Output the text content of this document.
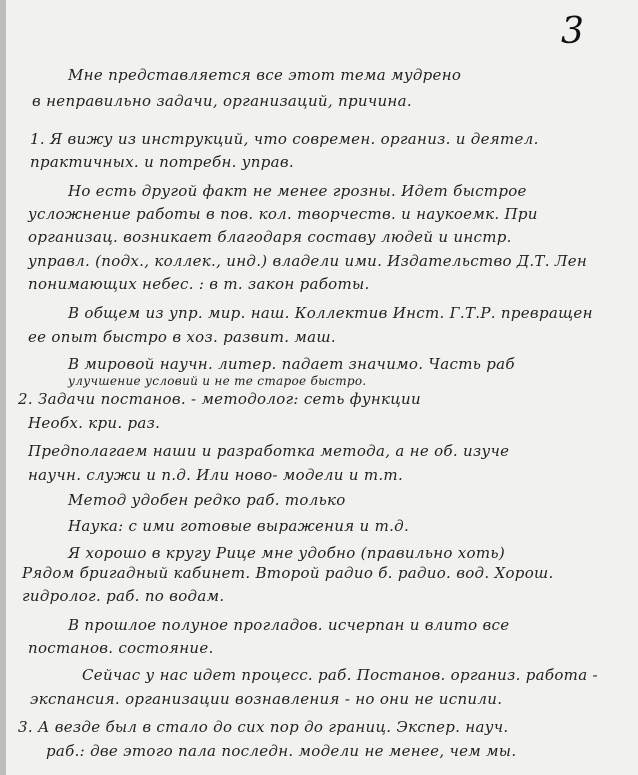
3
Мне представляется все этот тема мудрено
в неправильно задачи, организаций, причина.
1. Я вижу из инструкций, что современ. организ. и деятел.
практичных. и потребн. управ.
Но есть другой факт не менее грозны. Идет быстрое
усложнение работы в пов. кол. творчеств. и наукоемк. При
организац. возникает благодаря составу людей и инстр.
управл. (подх., коллек., инд.) владели ими. Издательство Д.Т. Лен
понимающих небес. : в т. закон работы.
В общем из упр. мир. наш. Коллектив Инст. Г.Т.Р. превращен
ее опыт быстро в хоз. развит. маш.
В мировой научн. литер. падает значимо. Часть раб
улучшение условий и не те старое быстро.
2. Задачи постанов. - методолог: сеть функции
Необх. кри. раз.
Предполагаем наши и разработка метода, а не об. изуче
научн. служи и п.д. Или ново- модели и т.т.
Метод удобен редко раб. только
Наука: с ими готовые выражения и т.д.
Я хорошо в кругу Рице мне удобно (правильно хоть)
Рядом бригадный кабинет. Второй радио б. радио. вод. Хорош.
гидролог. раб. по водам.
В прошлое полуное прогладов. исчерпан и влито все
постанов. состояние.
Сейчас у нас идет процесс. раб. Постанов. организ. работа -
экспансия. организации вознавления - но они не испили.
3. А везде был в стало до сих пор до границ. Экспер. науч.
раб.: две этого пала последн. модели не менее, чем мы.
